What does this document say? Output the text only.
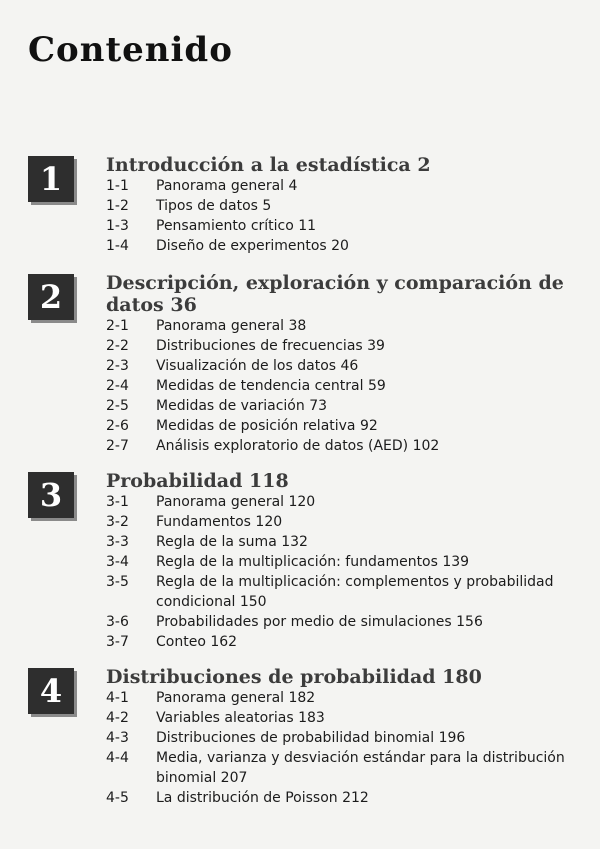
Contenido
1	Introducción a la estadística 2
1-1 Panorama general 4
1-2 Tipos de datos 5
1-3 Pensamiento crítico 11
1-4 Diseño de experimentos 20
2	Descripción, exploración y comparación de datos 36
2-1 Panorama general 38
2-2 Distribuciones de frecuencias 39
2-3 Visualización de los datos 46
2-4 Medidas de tendencia central 59
2-5 Medidas de variación 73
2-6 Medidas de posición relativa 92
2-7 Análisis exploratorio de datos (AED) 102
3	Probabilidad 118
3-1 Panorama general 120
3-2 Fundamentos 120
3-3 Regla de la suma 132
3-4 Regla de la multiplicación: fundamentos 139
3-5 Regla de la multiplicación: complementos y probabilidad condicional 150
3-6 Probabilidades por medio de simulaciones 156
3-7 Conteo 162
4	Distribuciones de probabilidad 180
4-1 Panorama general 182
4-2 Variables aleatorias 183
4-3 Distribuciones de probabilidad binomial 196
4-4 Media, varianza y desviación estándar para la distribución binomial 207
4-5 La distribución de Poisson 212
